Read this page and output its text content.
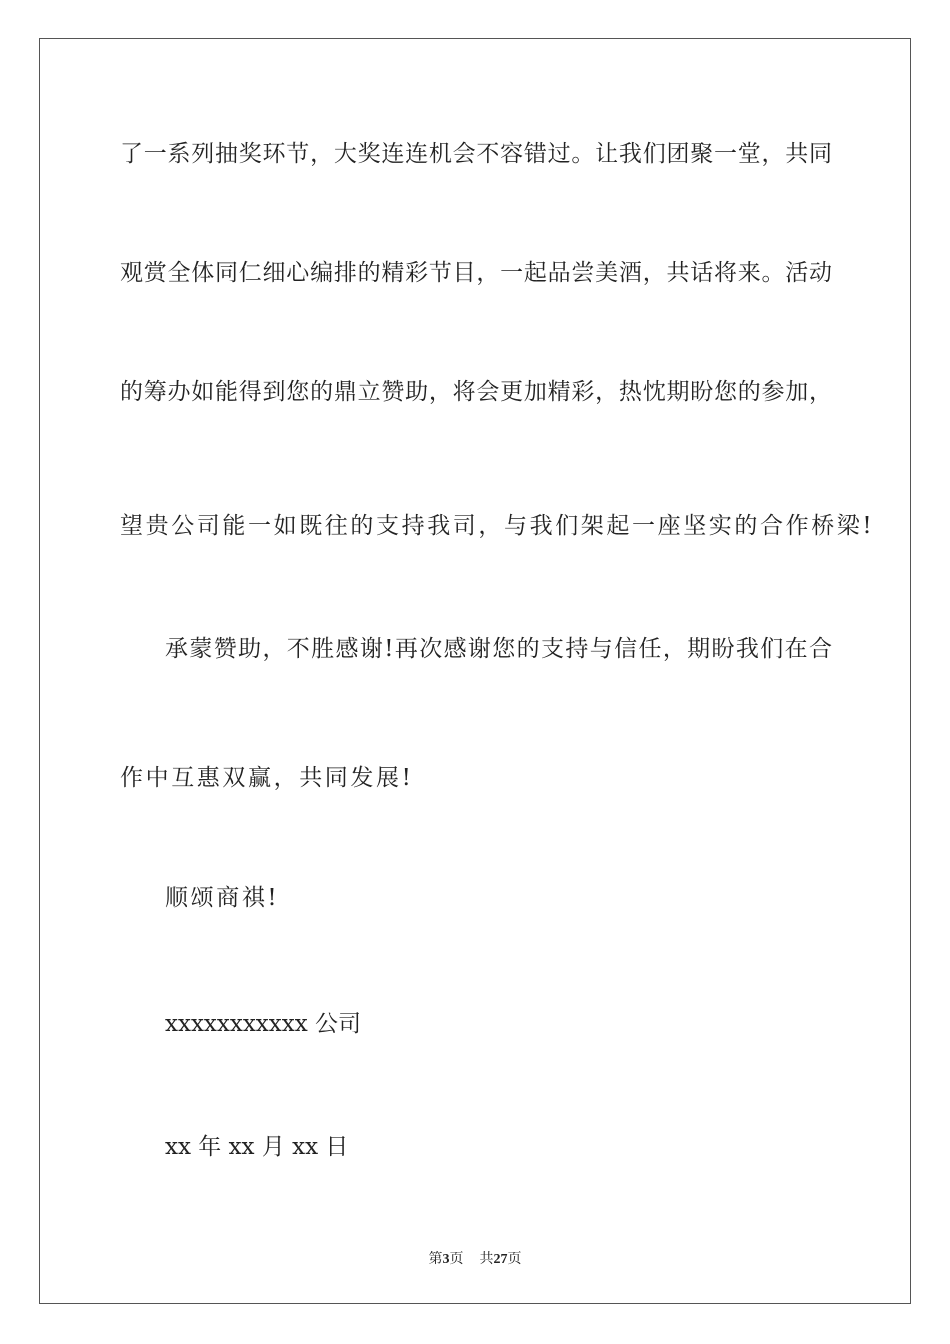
了一系列抽奖环节，大奖连连机会不容错过。让我们团聚一堂，共同
观赏全体同仁细心编排的精彩节目，一起品尝美酒，共话将来。活动
的筹办如能得到您的鼎立赞助，将会更加精彩，热忱期盼您的参加，
望贵公司能一如既往的支持我司，与我们架起一座坚实的合作桥梁!
承蒙赞助，不胜感谢!再次感谢您的支持与信任，期盼我们在合
作中互惠双赢，共同发展!
顺颂商祺!
xxxxxxxxxxx 公司
xx 年 xx 月 xx 日
第3页 共27页
